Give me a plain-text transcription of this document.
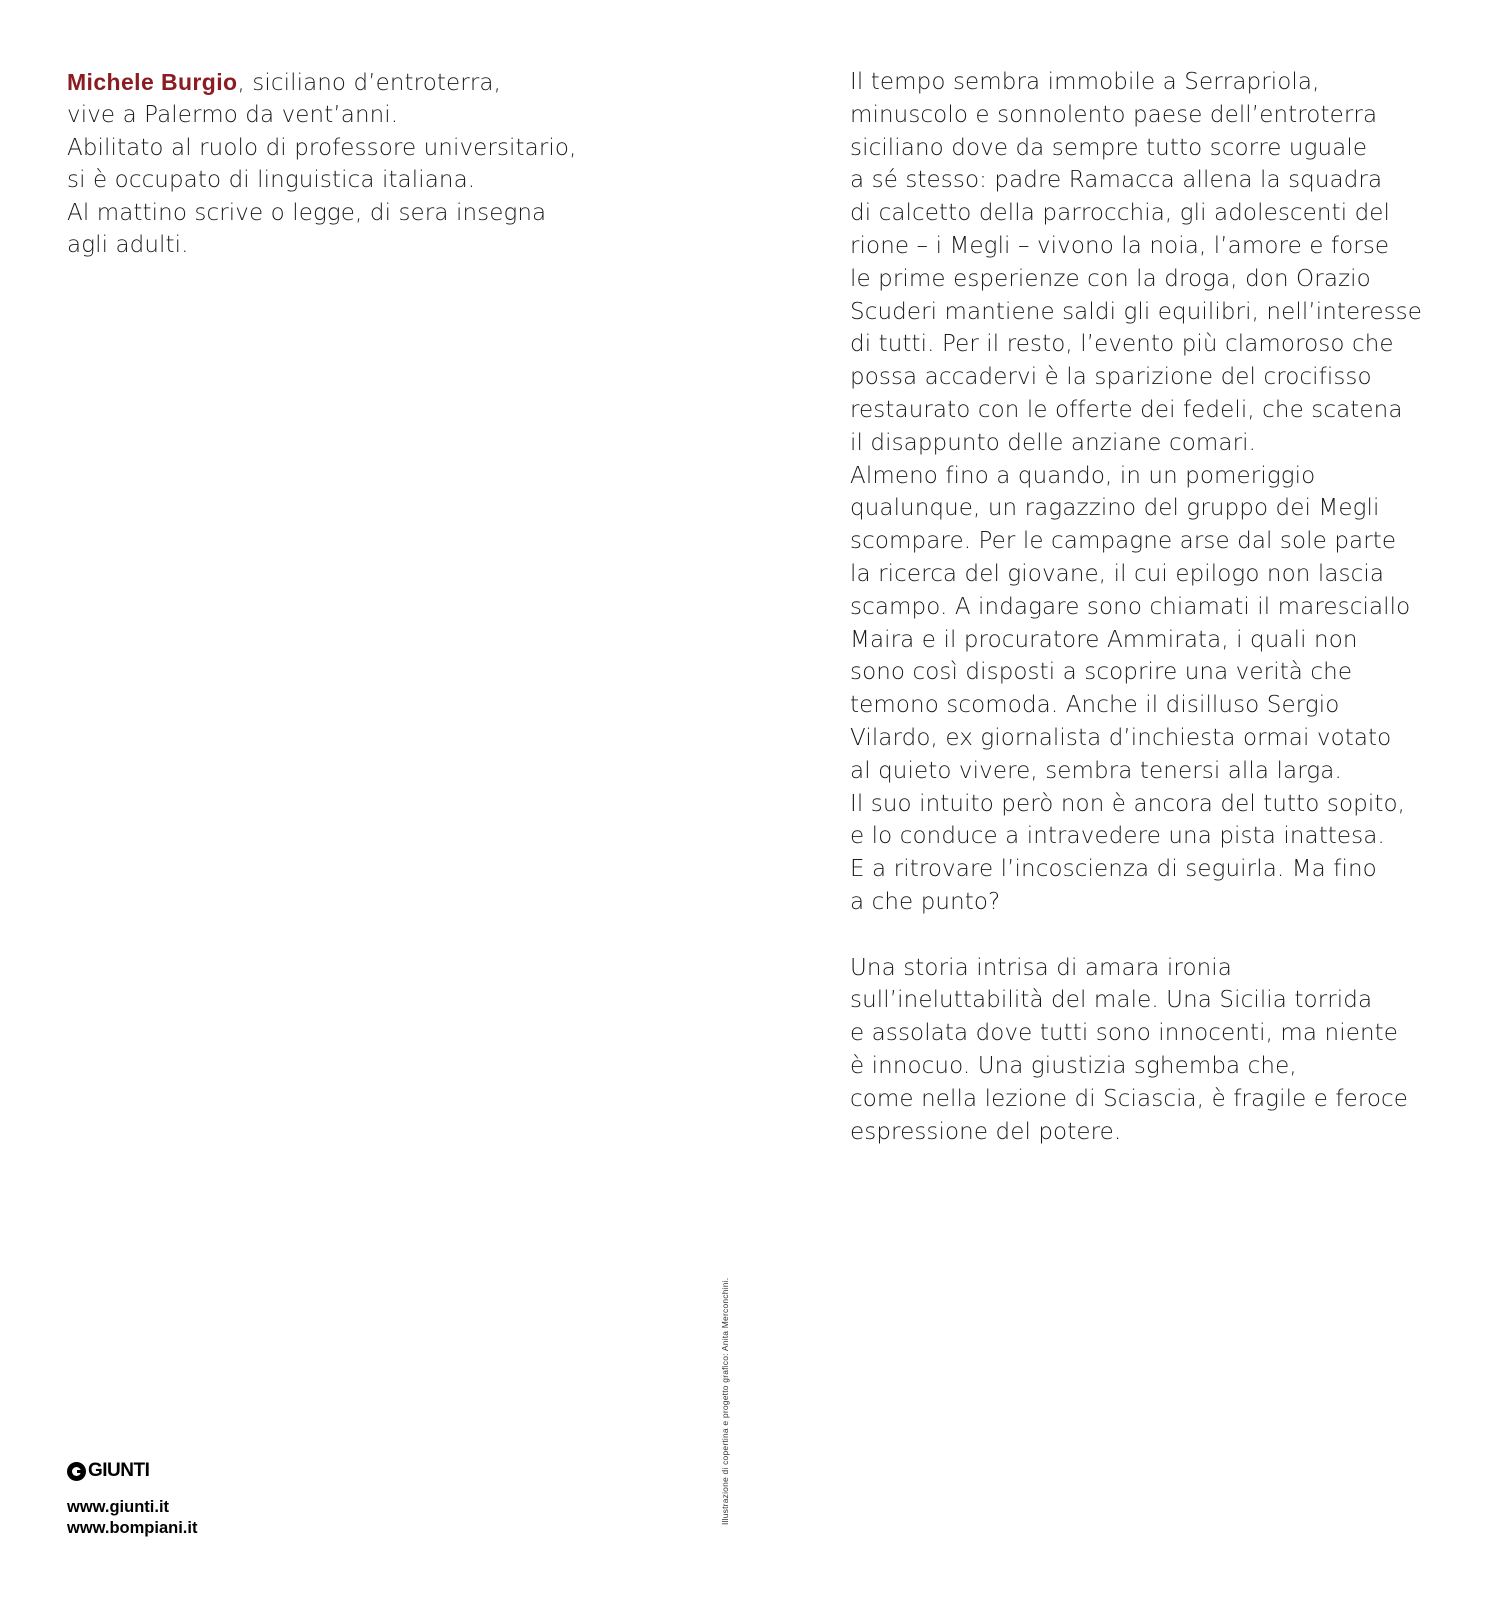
Michele Burgio, siciliano d’entroterra,
vive a Palermo da vent’anni.
Abilitato al ruolo di professore universitario,
si è occupato di linguistica italiana.
Al mattino scrive o legge, di sera insegna
agli adulti.
Il tempo sembra immobile a Serrapriola,
minuscolo e sonnolento paese dell’entroterra
siciliano dove da sempre tutto scorre uguale
a sé stesso: padre Ramacca allena la squadra
di calcetto della parrocchia, gli adolescenti del
rione – i Megli – vivono la noia, l’amore e forse
le prime esperienze con la droga, don Orazio
Scuderi mantiene saldi gli equilibri, nell’interesse
di tutti. Per il resto, l’evento più clamoroso che
possa accadervi è la sparizione del crocifisso
restaurato con le offerte dei fedeli, che scatena
il disappunto delle anziane comari.
Almeno fino a quando, in un pomeriggio
qualunque, un ragazzino del gruppo dei Megli
scompare. Per le campagne arse dal sole parte
la ricerca del giovane, il cui epilogo non lascia
scampo. A indagare sono chiamati il maresciallo
Maira e il procuratore Ammirata, i quali non
sono così disposti a scoprire una verità che
temono scomoda. Anche il disilluso Sergio
Vilardo, ex giornalista d’inchiesta ormai votato
al quieto vivere, sembra tenersi alla larga.
Il suo intuito però non è ancora del tutto sopito,
e lo conduce a intravedere una pista inattesa.
E a ritrovare l’incoscienza di seguirla. Ma fino
a che punto?
Una storia intrisa di amara ironia
sull’ineluttabilità del male. Una Sicilia torrida
e assolata dove tutti sono innocenti, ma niente
è innocuo. Una giustizia sghemba che,
come nella lezione di Sciascia, è fragile e feroce
espressione del potere.
GIUNTI
www.giunti.it
www.bompiani.it
Illustrazione di copertina e progetto grafico: Anita Merconchini.
